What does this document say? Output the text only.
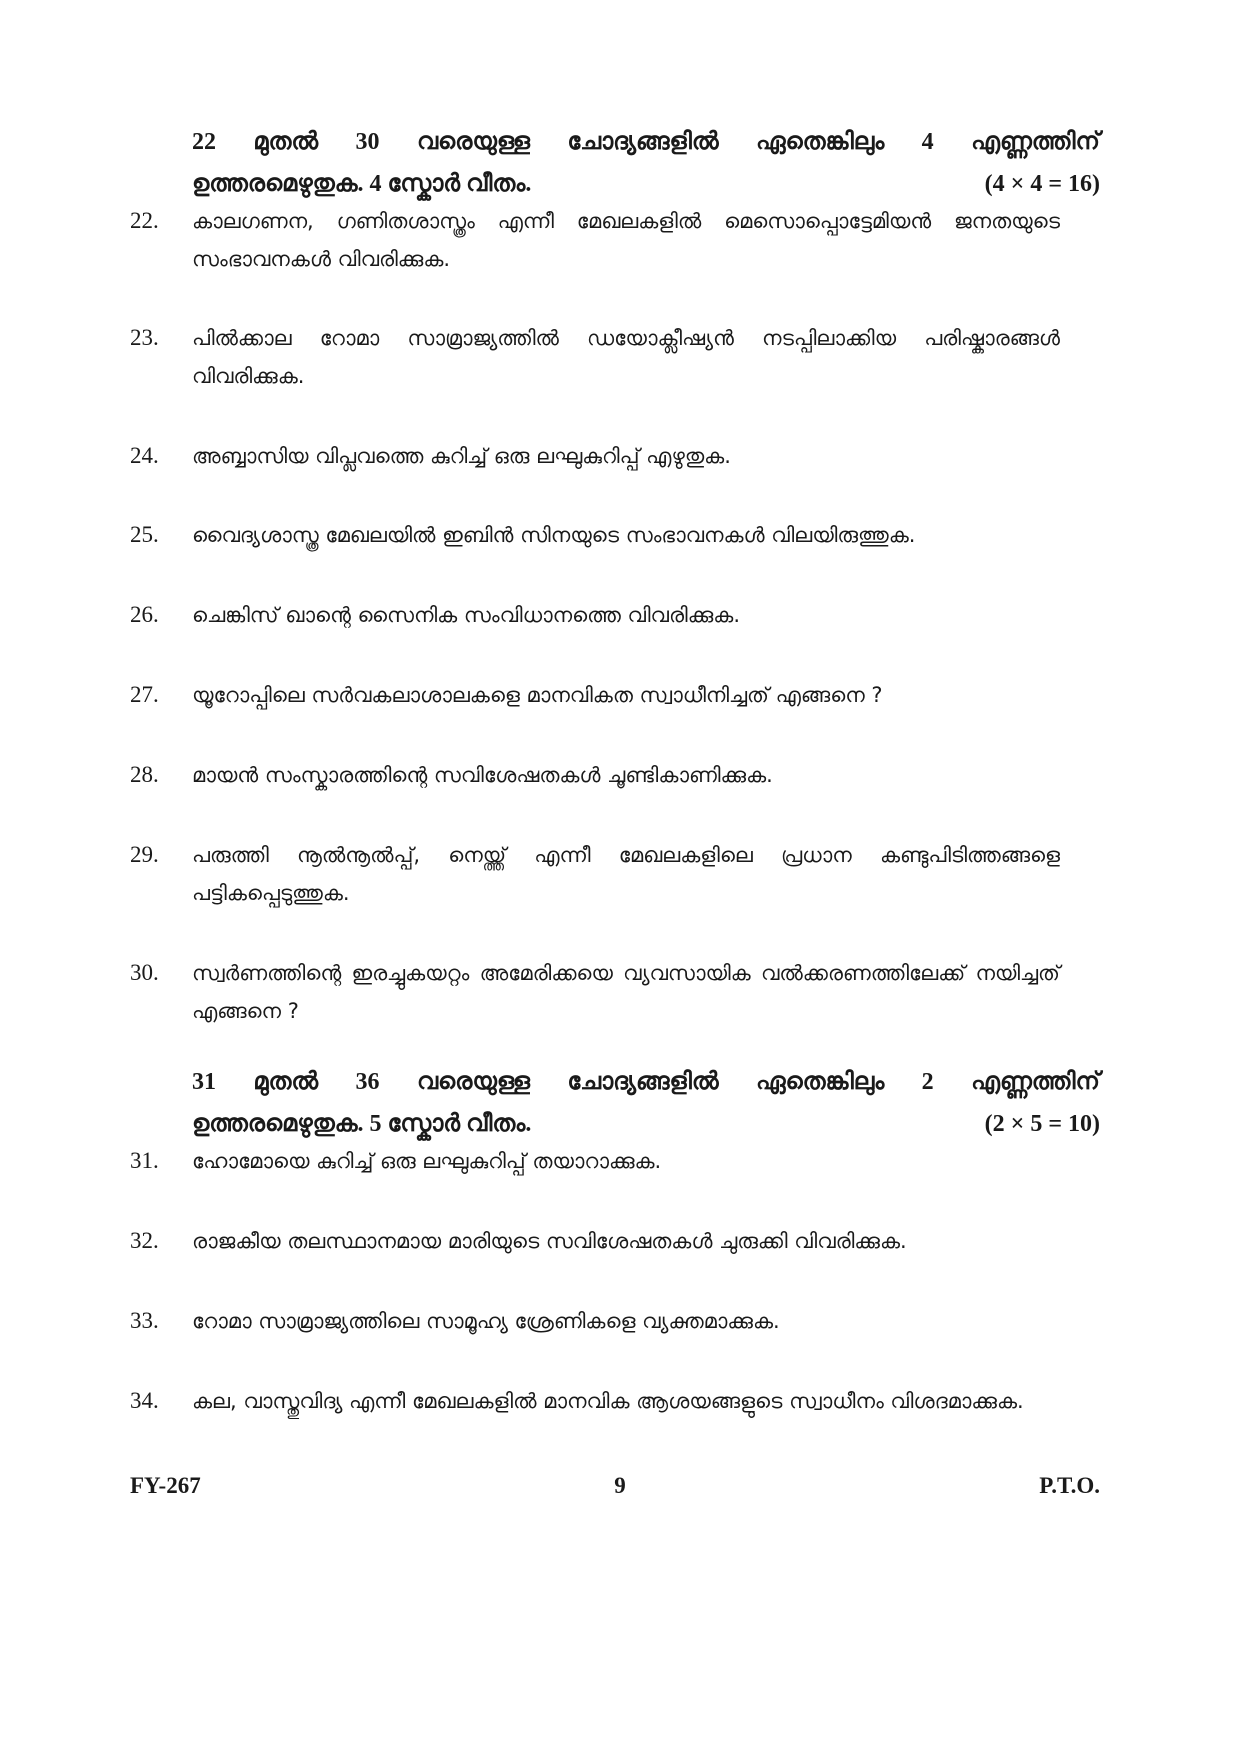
22 മുതൽ 30 വരെയുള്ള ചോദ്യങ്ങളിൽ ഏതെങ്കിലും 4 എണ്ണത്തിന്
ഉത്തരമെഴുതുക. 4 സ്കോർ വീതം.	(4 × 4 = 16)
22.	കാലഗണന, ഗണിതശാസ്ത്രം എന്നീ മേഖലകളിൽ മെസൊപ്പൊട്ടേമിയൻ ജനതയുടെ സംഭാവനകൾ വിവരിക്കുക.
23.	പിൽക്കാല റോമാ സാമ്രാജ്യത്തിൽ ഡയോക്ലീഷ്യൻ നടപ്പിലാക്കിയ പരിഷ്കാരങ്ങൾ വിവരിക്കുക.
24.	അബ്ബാസിയ വിപ്ലവത്തെ കുറിച്ച് ഒരു ലഘുകുറിപ്പ് എഴുതുക.
25.	വൈദ്യശാസ്ത്ര മേഖലയിൽ ഇബിൻ സിനയുടെ സംഭാവനകൾ വിലയിരുത്തുക.
26.	ചെങ്കിസ് ഖാന്റെ സൈനിക സംവിധാനത്തെ വിവരിക്കുക.
27.	യൂറോപ്പിലെ സർവകലാശാലകളെ മാനവികത സ്വാധീനിച്ചത് എങ്ങനെ ?
28.	മായൻ സംസ്കാരത്തിന്റെ സവിശേഷതകൾ ചൂണ്ടികാണിക്കുക.
29.	പരുത്തി നൂൽനൂൽപ്പ്, നെയ്ത്ത് എന്നീ മേഖലകളിലെ പ്രധാന കണ്ടുപിടിത്തങ്ങളെ പട്ടികപ്പെടുത്തുക.
30.	സ്വർണത്തിന്റെ ഇരച്ചുകയറ്റം അമേരിക്കയെ വ്യവസായിക വൽക്കരണത്തിലേക്ക് നയിച്ചത് എങ്ങനെ ?
31 മുതൽ 36 വരെയുള്ള ചോദ്യങ്ങളിൽ ഏതെങ്കിലും 2 എണ്ണത്തിന്
ഉത്തരമെഴുതുക. 5 സ്കോർ വീതം.	(2 × 5 = 10)
31.	ഹോമോയെ കുറിച്ച് ഒരു ലഘുകുറിപ്പ് തയാറാക്കുക.
32.	രാജകീയ തലസ്ഥാനമായ മാരിയുടെ സവിശേഷതകൾ ചുരുക്കി വിവരിക്കുക.
33.	റോമാ സാമ്രാജ്യത്തിലെ സാമൂഹ്യ ശ്രേണികളെ വ്യക്തമാക്കുക.
34.	കല, വാസ്തുവിദ്യ എന്നീ മേഖലകളിൽ മാനവിക ആശയങ്ങളുടെ സ്വാധീനം വിശദമാക്കുക.
FY-267	9	P.T.O.
